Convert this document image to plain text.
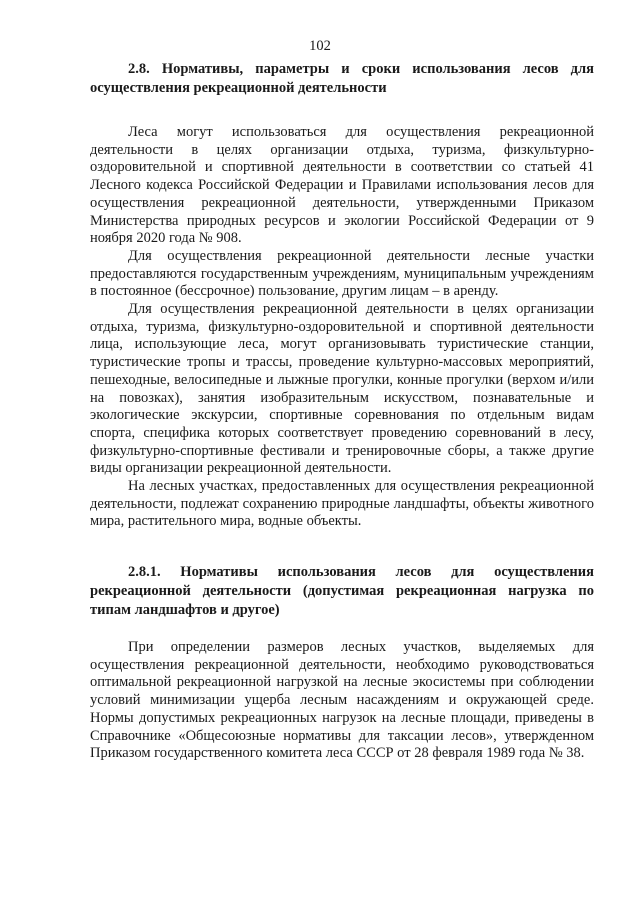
102

2.8. Нормативы, параметры и сроки использования лесов для осуществления рекреационной деятельности

Леса могут использоваться для осуществления рекреационной деятельности в целях организации отдыха, туризма, физкультурно-оздоровительной и спортивной деятельности в соответствии со статьей 41 Лесного кодекса Российской Федерации и Правилами использования лесов для осуществления рекреационной деятельности, утвержденными Приказом Министерства природных ресурсов и экологии Российской Федерации от 9 ноября 2020 года № 908.

Для осуществления рекреационной деятельности лесные участки предоставляются государственным учреждениям, муниципальным учреждениям в постоянное (бессрочное) пользование, другим лицам – в аренду.

Для осуществления рекреационной деятельности в целях организации отдыха, туризма, физкультурно-оздоровительной и спортивной деятельности лица, использующие леса, могут организовывать туристические станции, туристические тропы и трассы, проведение культурно-массовых мероприятий, пешеходные, велосипедные и лыжные прогулки, конные прогулки (верхом и/или на повозках), занятия изобразительным искусством, познавательные и экологические экскурсии, спортивные соревнования по отдельным видам спорта, специфика которых соответствует проведению соревнований в лесу, физкультурно-спортивные фестивали и тренировочные сборы, а также другие виды организации рекреационной деятельности.

На лесных участках, предоставленных для осуществления рекреационной деятельности, подлежат сохранению природные ландшафты, объекты животного мира, растительного мира, водные объекты.

2.8.1. Нормативы использования лесов для осуществления рекреационной деятельности (допустимая рекреационная нагрузка по типам ландшафтов и другое)

При определении размеров лесных участков, выделяемых для осуществления рекреационной деятельности, необходимо руководствоваться оптимальной рекреационной нагрузкой на лесные экосистемы при соблюдении условий минимизации ущерба лесным насаждениям и окружающей среде. Нормы допустимых рекреационных нагрузок на лесные площади, приведены в Справочнике «Общесоюзные нормативы для таксации лесов», утвержденном Приказом государственного комитета леса СССР от 28 февраля 1989 года № 38.
